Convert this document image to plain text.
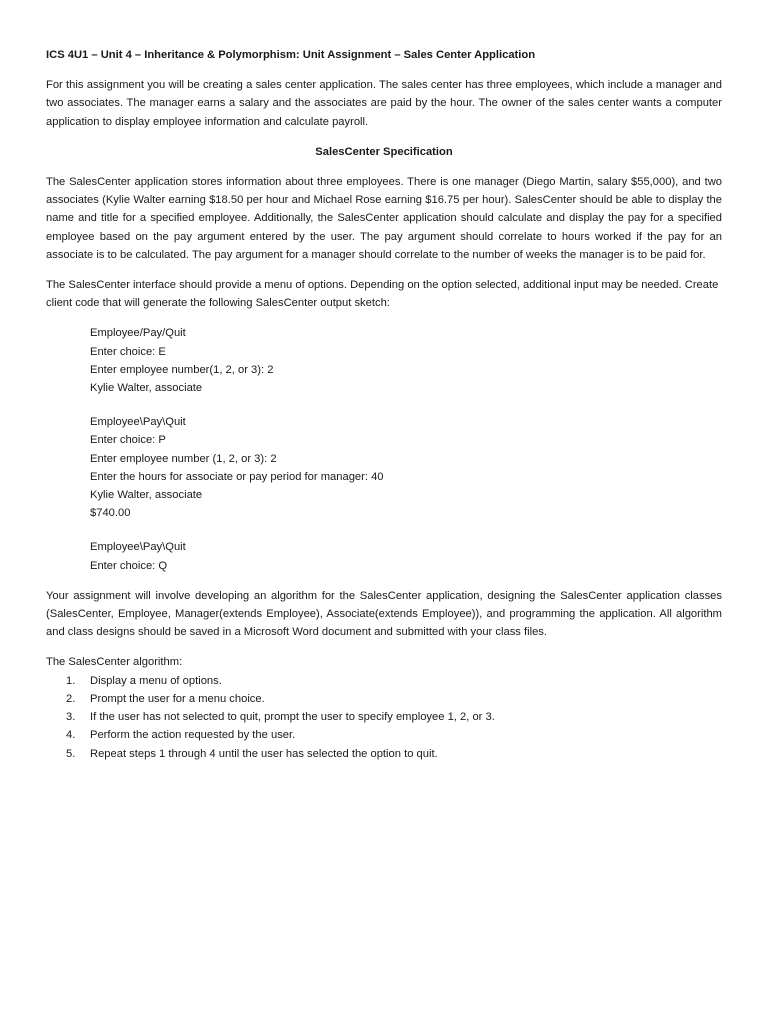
ICS 4U1 – Unit 4 – Inheritance & Polymorphism: Unit Assignment – Sales Center Application

For this assignment you will be creating a sales center application. The sales center has three employees, which include a manager and two associates. The manager earns a salary and the associates are paid by the hour. The owner of the sales center wants a computer application to display employee information and calculate payroll.

SalesCenter Specification

The SalesCenter application stores information about three employees. There is one manager (Diego Martin, salary $55,000), and two associates (Kylie Walter earning $18.50 per hour and Michael Rose earning $16.75 per hour). SalesCenter should be able to display the name and title for a specified employee. Additionally, the SalesCenter application should calculate and display the pay for a specified employee based on the pay argument entered by the user. The pay argument should correlate to hours worked if the pay for an associate is to be calculated. The pay argument for a manager should correlate to the number of weeks the manager is to be paid for.

The SalesCenter interface should provide a menu of options. Depending on the option selected, additional input may be needed. Create client code that will generate the following SalesCenter output sketch:

Employee/Pay/Quit
Enter choice: E
Enter employee number(1, 2, or 3): 2
Kylie Walter, associate
Employee\Pay\Quit
Enter choice: P
Enter employee number (1, 2, or 3): 2
Enter the hours for associate or pay period for manager: 40
Kylie Walter, associate
$740.00
Employee\Pay\Quit
Enter choice: Q

Your assignment will involve developing an algorithm for the SalesCenter application, designing the SalesCenter application classes (SalesCenter, Employee, Manager(extends Employee), Associate(extends Employee)), and programming the application. All algorithm and class designs should be saved in a Microsoft Word document and submitted with your class files.

The SalesCenter algorithm:
1.	Display a menu of options.
2.	Prompt the user for a menu choice.
3.	If the user has not selected to quit, prompt the user to specify employee 1, 2, or 3.
4.	Perform the action requested by the user.
5.	Repeat steps 1 through 4 until the user has selected the option to quit.
